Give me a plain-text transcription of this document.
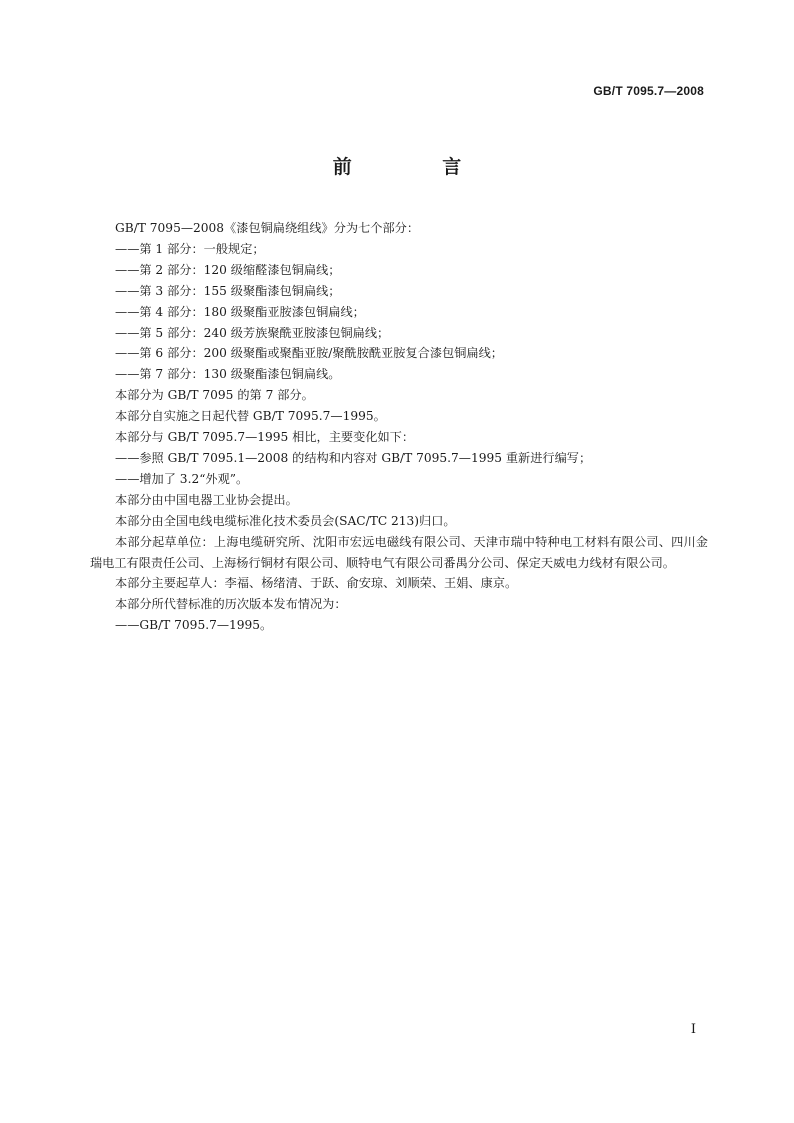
GB/T 7095.7—2008
前 言

GB/T 7095—2008《漆包铜扁绕组线》分为七个部分：

——第 1 部分：一般规定；

——第 2 部分：120 级缩醛漆包铜扁线；

——第 3 部分：155 级聚酯漆包铜扁线；

——第 4 部分：180 级聚酯亚胺漆包铜扁线；

——第 5 部分：240 级芳族聚酰亚胺漆包铜扁线；

——第 6 部分：200 级聚酯或聚酯亚胺/聚酰胺酰亚胺复合漆包铜扁线；

——第 7 部分：130 级聚酯漆包铜扁线。

本部分为 GB/T 7095 的第 7 部分。

本部分自实施之日起代替 GB/T 7095.7—1995。

本部分与 GB/T 7095.7—1995 相比，主要变化如下：

——参照 GB/T 7095.1—2008 的结构和内容对 GB/T 7095.7—1995 重新进行编写；

——增加了 3.2“外观”。

本部分由中国电器工业协会提出。

本部分由全国电线电缆标准化技术委员会(SAC/TC 213)归口。

本部分起草单位：上海电缆研究所、沈阳市宏远电磁线有限公司、天津市瑞中特种电工材料有限公司、四川金瑞电工有限责任公司、上海杨行铜材有限公司、顺特电气有限公司番禺分公司、保定天威电力线材有限公司。

本部分主要起草人：李福、杨绪清、于跃、俞安琼、刘顺荣、王娟、康京。

本部分所代替标准的历次版本发布情况为：

——GB/T 7095.7—1995。

I
